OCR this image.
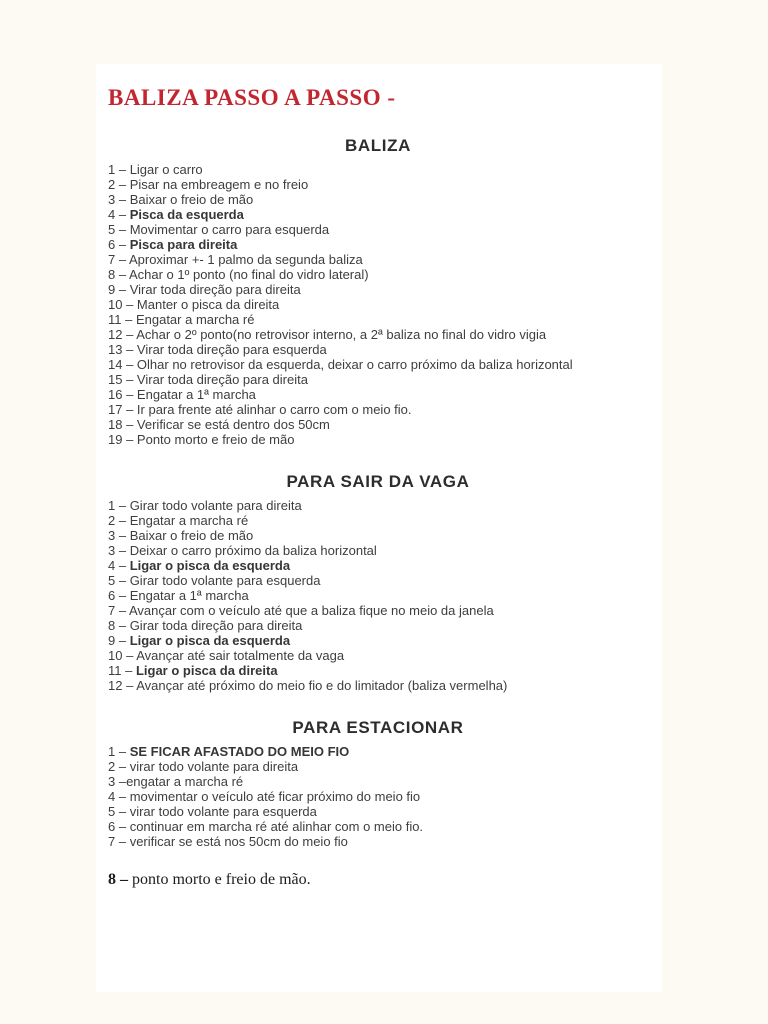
BALIZA PASSO A PASSO -
BALIZA
1 – Ligar o carro
2 – Pisar na embreagem e no freio
3 – Baixar o freio de mão
4 – Pisca da esquerda
5 – Movimentar o carro para esquerda
6 – Pisca para direita
7 – Aproximar +- 1 palmo da segunda baliza
8 – Achar o 1º ponto (no final do vidro lateral)
9 – Virar toda direção para direita
10 – Manter o pisca da direita
11 – Engatar a marcha ré
12 – Achar o 2º ponto(no retrovisor interno, a 2ª baliza no final do vidro vigia
13 – Virar toda direção para esquerda
14 – Olhar no retrovisor da esquerda, deixar o carro próximo da baliza horizontal
15 – Virar toda direção para direita
16 – Engatar a 1ª marcha
17 – Ir para frente até alinhar o carro com o meio fio.
18 – Verificar se está dentro dos 50cm
19 – Ponto morto e freio de mão
PARA SAIR DA VAGA
1 – Girar todo volante para direita
2 – Engatar a marcha ré
3 – Baixar o freio de mão
3 – Deixar o carro próximo da baliza horizontal
4 – Ligar o pisca da esquerda
5 – Girar todo volante para esquerda
6 – Engatar a 1ª marcha
7 – Avançar com o veículo até que a baliza fique no meio da janela
8 – Girar toda direção para direita
9 – Ligar o pisca da esquerda
10 – Avançar até sair totalmente da vaga
11 – Ligar o pisca da direita
12 – Avançar até próximo do meio fio e do limitador (baliza vermelha)
PARA ESTACIONAR
1 – SE FICAR AFASTADO DO MEIO FIO
2 – virar todo volante para direita
3 –engatar a marcha ré
4 – movimentar o veículo até ficar próximo do meio fio
5 – virar todo volante para esquerda
6 – continuar em marcha ré até alinhar com o meio fio.
7 – verificar se está nos 50cm do meio fio

8 – ponto morto e freio de mão.
